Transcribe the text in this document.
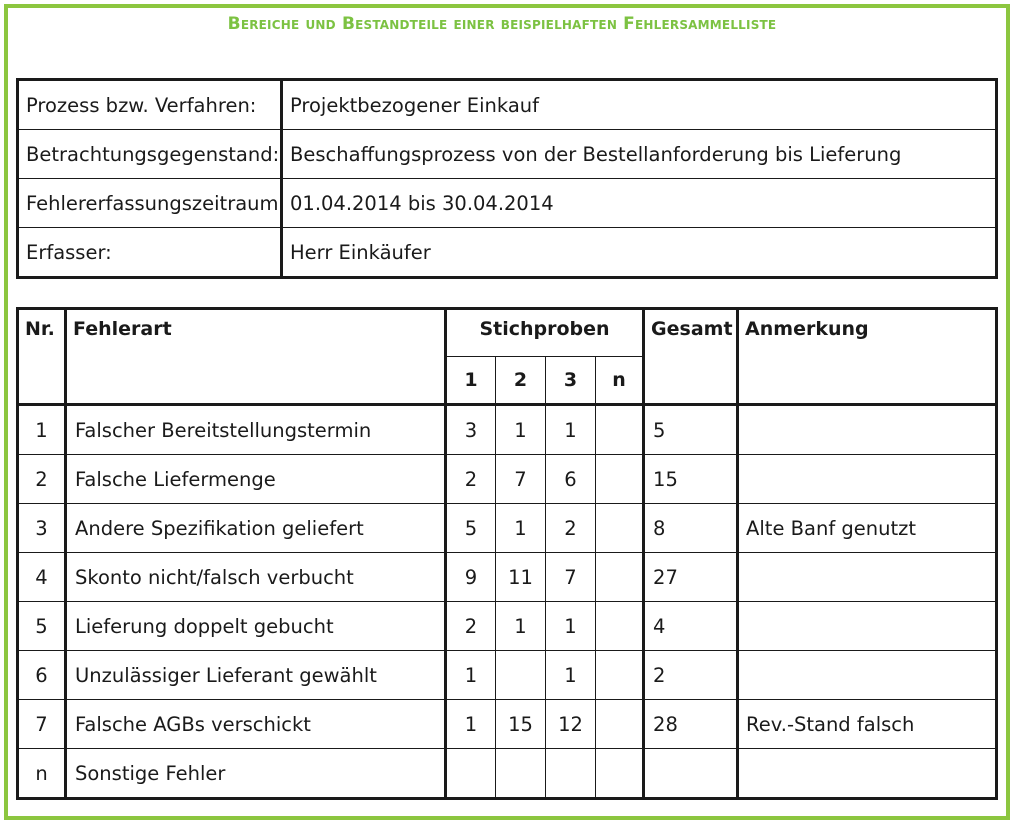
Bereiche und Bestandteile einer beispielhaften Fehlersammelliste
Prozess bzw. Verfahren:	Projektbezogener Einkauf
Betrachtungsgegenstand:	Beschaffungsprozess von der Bestellanforderung bis Lieferung
Fehlererfassungszeitraum:	01.04.2014 bis 30.04.2014
Erfasser:	Herr Einkäufer
Nr.	Fehlerart	Stichproben				Gesamt	Anmerkung
		1	2	3	n		
1	Falscher Bereitstellungstermin	3	1	1		5	
2	Falsche Liefermenge	2	7	6		15	
3	Andere Spezifikation geliefert	5	1	2		8	Alte Banf genutzt
4	Skonto nicht/falsch verbucht	9	11	7		27	
5	Lieferung doppelt gebucht	2	1	1		4	
6	Unzulässiger Lieferant gewählt	1		1		2	
7	Falsche AGBs verschickt	1	15	12		28	Rev.-Stand falsch
n	Sonstige Fehler						
